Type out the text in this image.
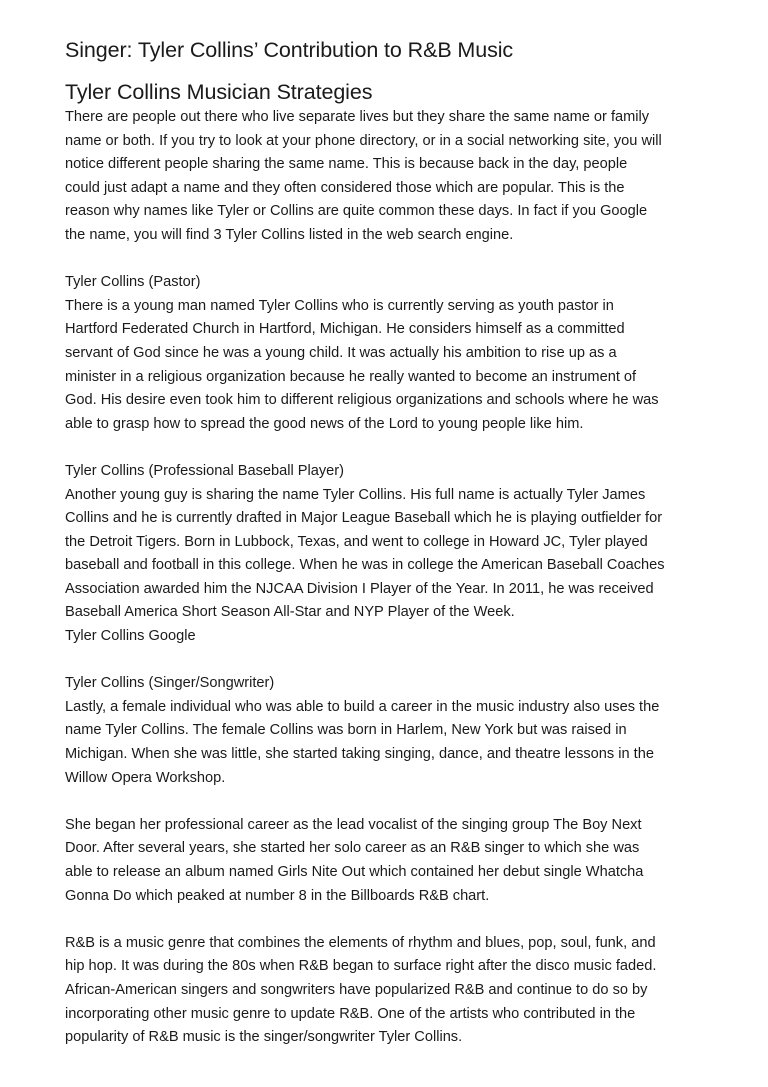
Singer: Tyler Collins’ Contribution to R&B Music
Tyler Collins Musician Strategies
There are people out there who live separate lives but they share the same name or family
name or both. If you try to look at your phone directory, or in a social networking site, you will
notice different people sharing the same name. This is because back in the day, people
could just adapt a name and they often considered those which are popular. This is the
reason why names like Tyler or Collins are quite common these days. In fact if you Google
the name, you will find 3 Tyler Collins listed in the web search engine.
Tyler Collins (Pastor)
There is a young man named Tyler Collins who is currently serving as youth pastor in
Hartford Federated Church in Hartford, Michigan. He considers himself as a committed
servant of God since he was a young child. It was actually his ambition to rise up as a
minister in a religious organization because he really wanted to become an instrument of
God. His desire even took him to different religious organizations and schools where he was
able to grasp how to spread the good news of the Lord to young people like him.
Tyler Collins (Professional Baseball Player)
Another young guy is sharing the name Tyler Collins. His full name is actually Tyler James
Collins and he is currently drafted in Major League Baseball which he is playing outfielder for
the Detroit Tigers. Born in Lubbock, Texas, and went to college in Howard JC, Tyler played
baseball and football in this college. When he was in college the American Baseball Coaches
Association awarded him the NJCAA Division I Player of the Year. In 2011, he was received
Baseball America Short Season All-Star and NYP Player of the Week.
Tyler Collins Google
Tyler Collins (Singer/Songwriter)
Lastly, a female individual who was able to build a career in the music industry also uses the
name Tyler Collins. The female Collins was born in Harlem, New York but was raised in
Michigan. When she was little, she started taking singing, dance, and theatre lessons in the
Willow Opera Workshop.
She began her professional career as the lead vocalist of the singing group The Boy Next
Door. After several years, she started her solo career as an R&B singer to which she was
able to release an album named Girls Nite Out which contained her debut single Whatcha
Gonna Do which peaked at number 8 in the Billboards R&B chart.
R&B is a music genre that combines the elements of rhythm and blues, pop, soul, funk, and
hip hop. It was during the 80s when R&B began to surface right after the disco music faded.
African-American singers and songwriters have popularized R&B and continue to do so by
incorporating other music genre to update R&B. One of the artists who contributed in the
popularity of R&B music is the singer/songwriter Tyler Collins.
